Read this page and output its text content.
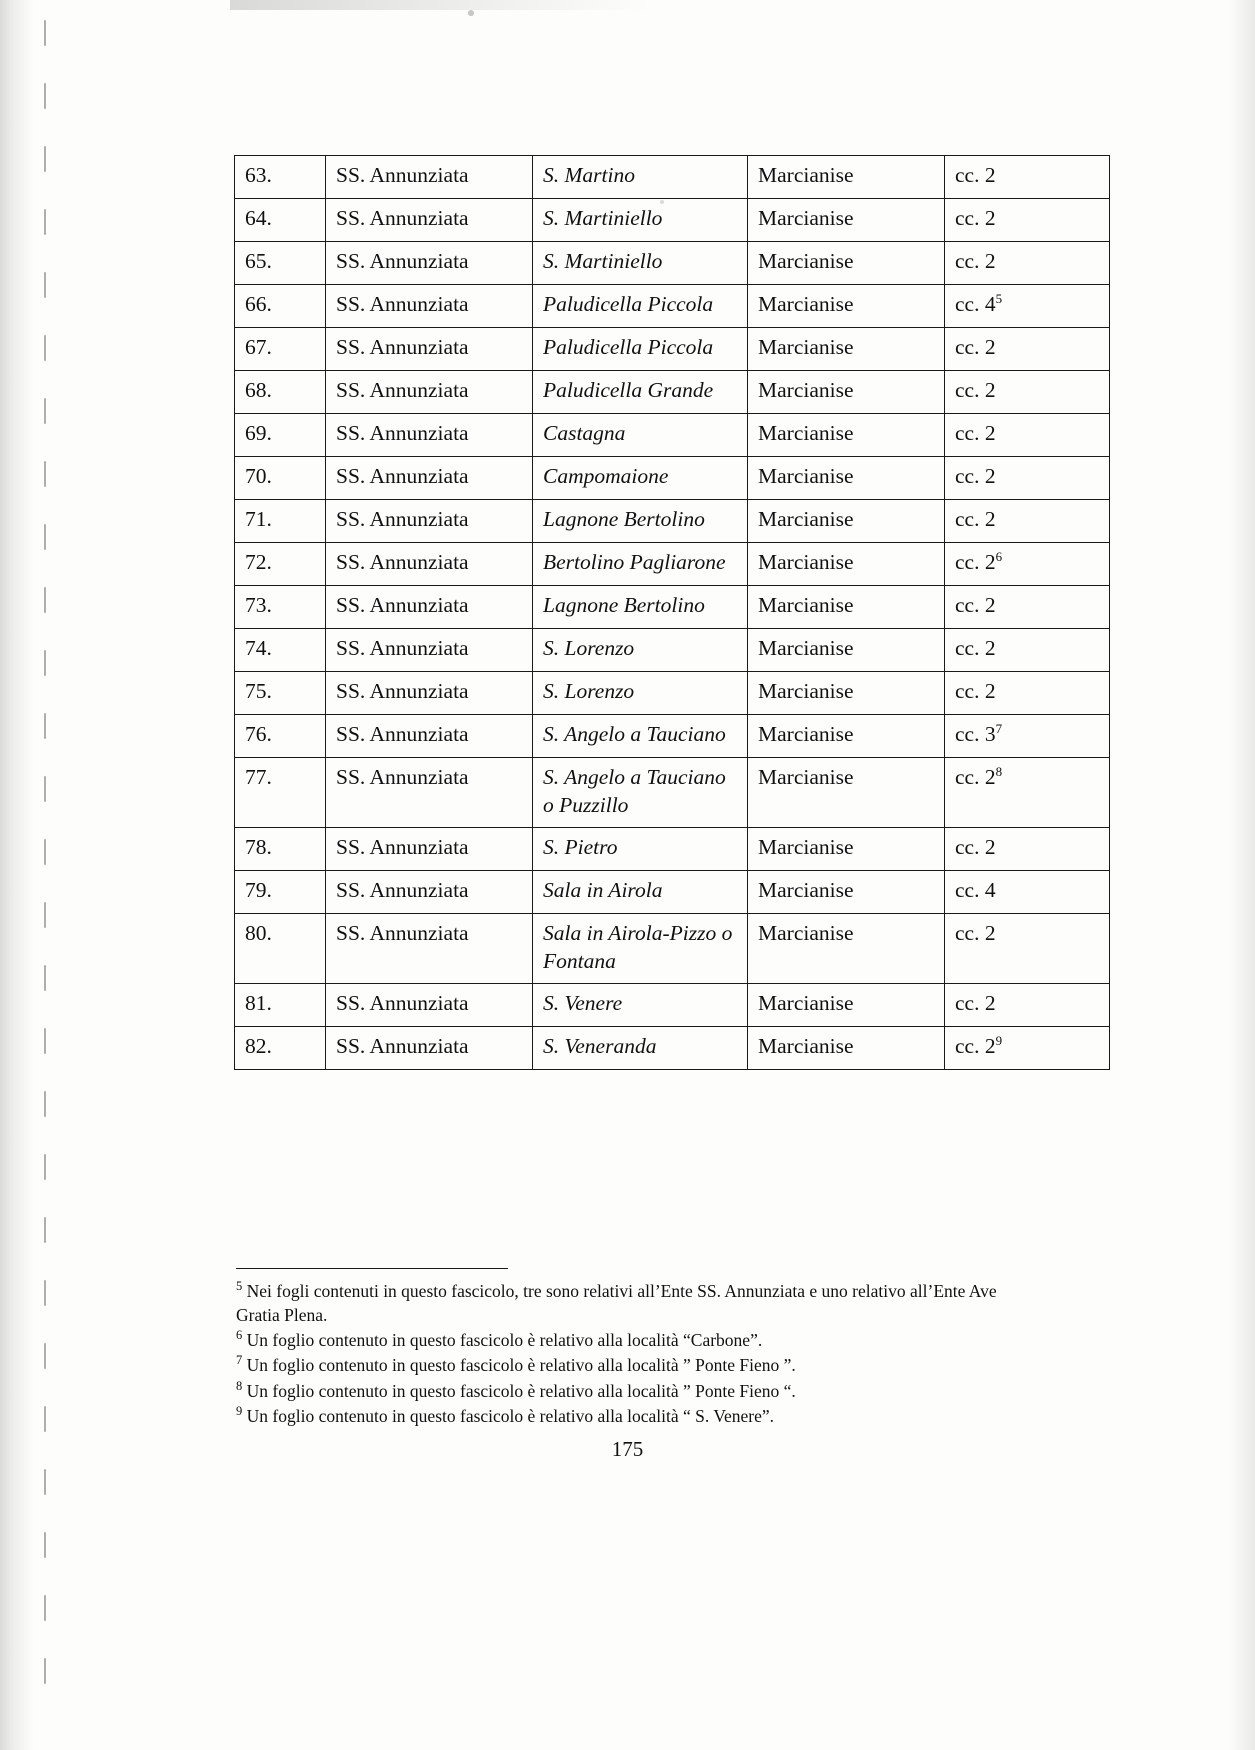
63.	SS. Annunziata	S. Martino	Marcianise	cc. 2
64.	SS. Annunziata	S. Martiniello	Marcianise	cc. 2
65.	SS. Annunziata	S. Martiniello	Marcianise	cc. 2
66.	SS. Annunziata	Paludicella Piccola	Marcianise	cc. $4^5$
67.	SS. Annunziata	Paludicella Piccola	Marcianise	cc. 2
68.	SS. Annunziata	Paludicella Grande	Marcianise	cc. 2
69.	SS. Annunziata	Castagna	Marcianise	cc. 2
70.	SS. Annunziata	Campomaione	Marcianise	cc. 2
71.	SS. Annunziata	Lagnone Bertolino	Marcianise	cc. 2
72.	SS. Annunziata	Bertolino Pagliarone	Marcianise	cc. $2^6$
73.	SS. Annunziata	Lagnone Bertolino	Marcianise	cc. 2
74.	SS. Annunziata	S. Lorenzo	Marcianise	cc. 2
75.	SS. Annunziata	S. Lorenzo	Marcianise	cc. 2
76.	SS. Annunziata	S. Angelo a Tauciano	Marcianise	cc. $3^7$
77.	SS. Annunziata	S. Angelo a Tauciano o Puzzillo	Marcianise	cc. $2^8$
78.	SS. Annunziata	S. Pietro	Marcianise	cc. 2
79.	SS. Annunziata	Sala in Airola	Marcianise	cc. 4
80.	SS. Annunziata	Sala in Airola-Pizzo o Fontana	Marcianise	cc. 2
81.	SS. Annunziata	S. Venere	Marcianise	cc. 2
82.	SS. Annunziata	S. Veneranda	Marcianise	cc. $2^9$
$^5$ Nei fogli contenuti in questo fascicolo, tre sono relativi all’Ente SS. Annunziata e uno relativo all’Ente Ave Gratia Plena.
$^6$ Un foglio contenuto in questo fascicolo è relativo alla località “Carbone”.
$^7$ Un foglio contenuto in questo fascicolo è relativo alla località ” Ponte Fieno ”.
$^8$ Un foglio contenuto in questo fascicolo è relativo alla località ” Ponte Fieno “.
$^9$ Un foglio contenuto in questo fascicolo è relativo alla località “ S. Venere”.
175
